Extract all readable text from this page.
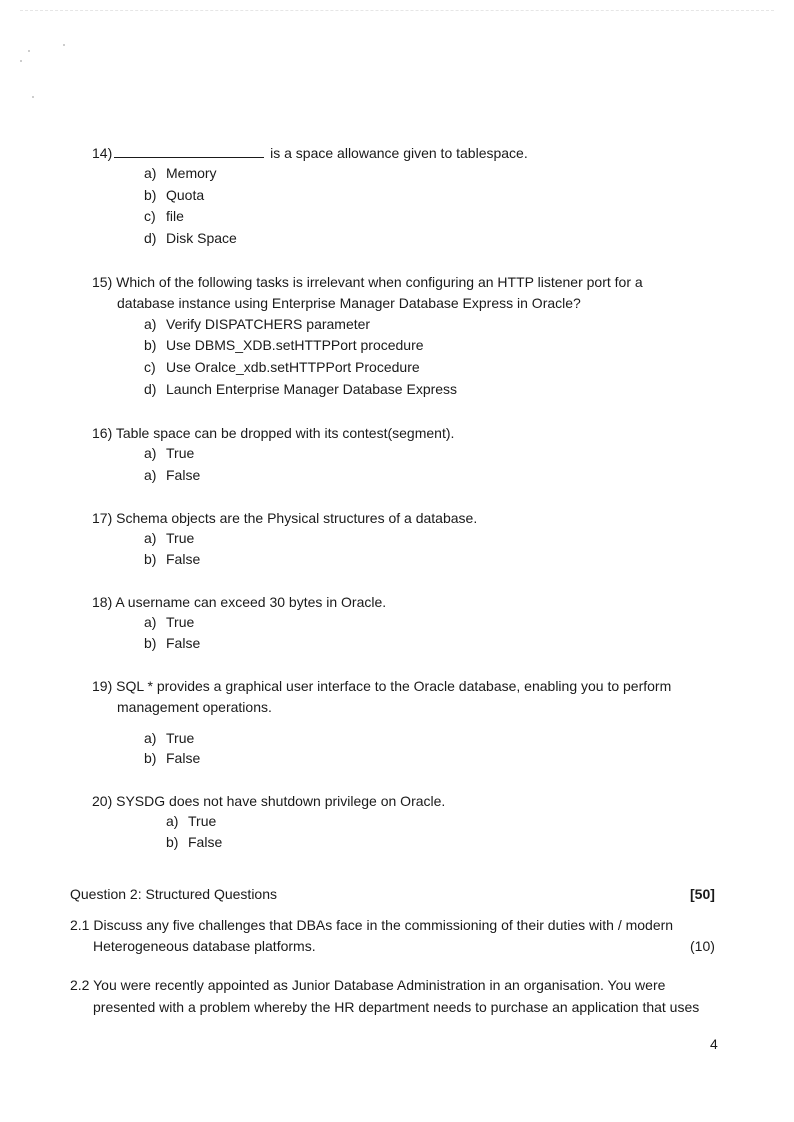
14)	is a space allowance given to tablespace.
a) Memory
b) Quota
c) file
d) Disk Space
15) Which of the following tasks is irrelevant when configuring an HTTP listener port for a
database instance using Enterprise Manager Database Express in Oracle?
a) Verify DISPATCHERS parameter
b) Use DBMS_XDB.setHTTPPort procedure
c) Use Oralce_xdb.setHTTPPort Procedure
d) Launch Enterprise Manager Database Express
16) Table space can be dropped with its contest(segment).
a) True
a) False
17) Schema objects are the Physical structures of a database.
a) True
b) False
18) A username can exceed 30 bytes in Oracle.
a) True
b) False
19) SQL * provides a graphical user interface to the Oracle database, enabling you to perform
management operations.
a) True
b) False
20) SYSDG does not have shutdown privilege on Oracle.
a) True
b) False
Question 2: Structured Questions	[50]
2.1 Discuss any five challenges that DBAs face in the commissioning of their duties with / modern
Heterogeneous database platforms.	(10)
2.2 You were recently appointed as Junior Database Administration in an organisation. You were
presented with a problem whereby the HR department needs to purchase an application that uses
4
